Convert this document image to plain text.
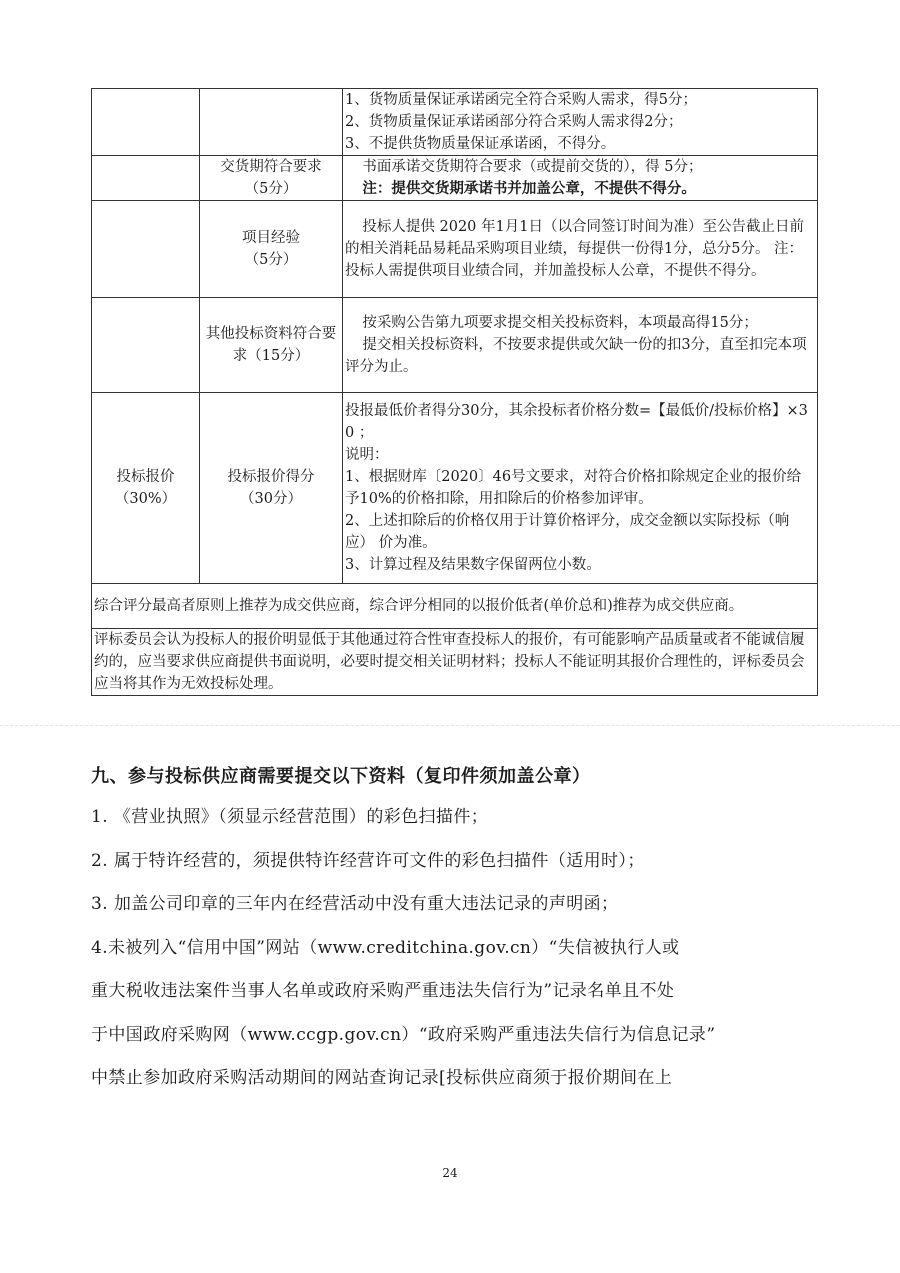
		1、货物质量保证承诺函完全符合采购人需求，得5分；
2、货物质量保证承诺函部分符合采购人需求得2分；
3、不提供货物质量保证承诺函，不得分。

	交货期符合要求
（5分）	书面承诺交货期符合要求（或提前交货的），得 5分；
注：提供交货期承诺书并加盖公章，不提供不得分。

	项目经验
（5分）	投标人提供 2020 年1月1日（以合同签订时间为准）至公告截止日前的相关消耗品易耗品采购项目业绩，每提供一份得1分，总分5分。 注：投标人需提供项目业绩合同，并加盖投标人公章，不提供不得分。
	其他投标资料符合要求（15分）	按采购公告第九项要求提交相关投标资料，本项最高得15分；
提交相关投标资料，不按要求提供或欠缺一份的扣3分，直至扣完本项评分为止。

投标报价
（30%）	投标报价得分
（30分）	投报最低价者得分30分，其余投标者价格分数=【最低价/投标价格】×30 ；
说明：
1、根据财库〔2020〕46号文要求，对符合价格扣除规定企业的报价给予10%的价格扣除，用扣除后的价格参加评审。
2、上述扣除后的价格仅用于计算价格评分，成交金额以实际投标（响应） 价为准。
3、计算过程及结果数字保留两位小数。

综合评分最高者原则上推荐为成交供应商，综合评分相同的以报价低者(单价总和)推荐为成交供应商。		
评标委员会认为投标人的报价明显低于其他通过符合性审查投标人的报价，有可能影响产品质量或者不能诚信履约的，应当要求供应商提供书面说明，必要时提交相关证明材料；投标人不能证明其报价合理性的，评标委员会应当将其作为无效投标处理。		
九、参与投标供应商需要提交以下资料（复印件须加盖公章）

1. 《营业执照》（须显示经营范围）的彩色扫描件；

2. 属于特许经营的，须提供特许经营许可文件的彩色扫描件（适用时）；

3. 加盖公司印章的三年内在经营活动中没有重大违法记录的声明函；

4.未被列入“信用中国”网站（www.creditchina.gov.cn）“失信被执行人或

重大税收违法案件当事人名单或政府采购严重违法失信行为”记录名单且不处

于中国政府采购网（www.ccgp.gov.cn）“政府采购严重违法失信行为信息记录”

中禁止参加政府采购活动期间的网站查询记录[投标供应商须于报价期间在上

24
